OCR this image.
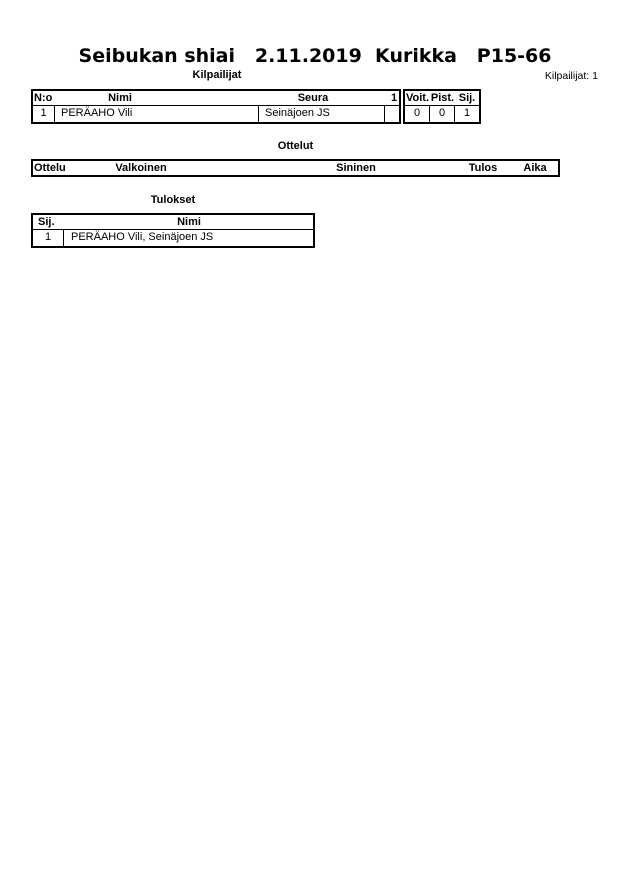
Seibukan shiai   2.11.2019  Kurikka   P15-66
Kilpailijat	Kilpailijat: 1
N:o	Nimi	Seura	1
1	PERÄAHO Vili	Seinäjoen JS
Voit. Pist. Sij.
0	0	1
Ottelut
Ottelu	Valkoinen	Sininen	Tulos Aika
Tulokset
Sij.	Nimi
1	PERÄAHO Vili, Seinäjoen JS
